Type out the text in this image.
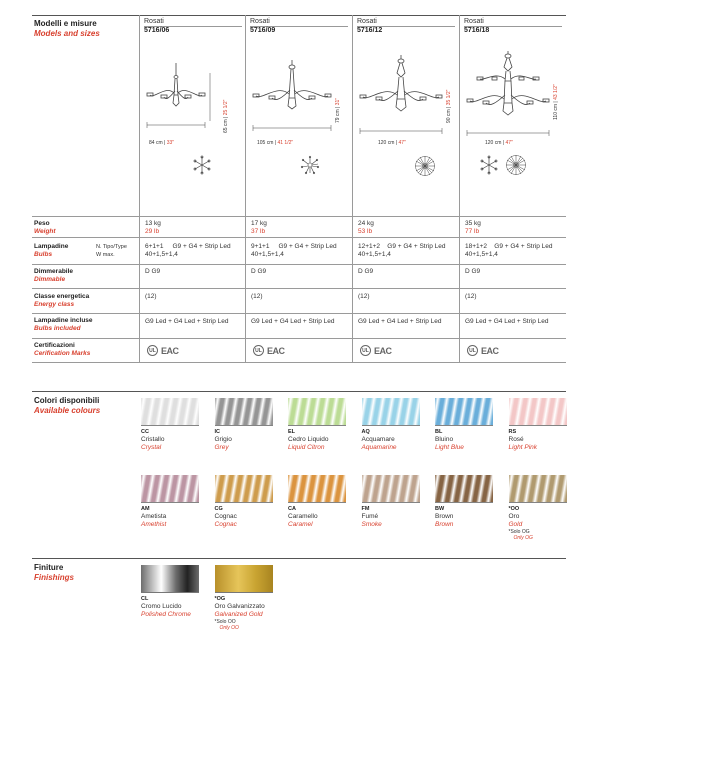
Modelli e misure
Models and sizes
Peso
Weight
Lampadine
Bulbs
N. Tipo/Type
W max.
Dimmerabile
Dimmable
Classe energetica
Energy class
Lampadine incluse
Bulbs included
Certificazioni
Cerification Marks
Rosati
5716/06
84 cm | 33"
65 cm | 25 1/2"
13 kg
29 lb
6+1+1 G9 + G4 + Strip Led
40+1,5+1,4
D G9
(12)
G9 Led + G4 Led + Strip Led
UL EAC
Rosati
5716/09
105 cm | 41 1/2"
79 cm | 31"
17 kg
37 lb
9+1+1 G9 + G4 + Strip Led
40+1,5+1,4
D G9
(12)
G9 Led + G4 Led + Strip Led
UL EAC
Rosati
5716/12
120 cm | 47"
90 cm | 35 1/2"
24 kg
53 lb
12+1+2 G9 + G4 + Strip Led
40+1,5+1,4
D G9
(12)
G9 Led + G4 Led + Strip Led
UL EAC
Rosati
5716/18
120 cm | 47"
110 cm | 43 1/2"
35 kg
77 lb
18+1+2 G9 + G4 + Strip Led
40+1,5+1,4
D G9
(12)
G9 Led + G4 Led + Strip Led
UL EAC
Colori disponibili
Available colours
CC
Cristallo
Crystal
IC
Grigio
Grey
EL
Cedro Liquido
Liquid Citron
AQ
Acquamare
Aquamarine
BL
Bluino
Light Blue
RS
Rosé
Light Pink
AM
Ametista
Amethist
CG
Cognac
Cognac
CA
Caramello
Caramel
FM
Fumé
Smoke
BW
Brown
Brown
*OO
Oro
Gold
*Solo OG
Only OG
Finiture
Finishings
CL
Cromo Lucido
Polished Chrome
*OG
Oro Galvanizzato
Galvanized Gold
*Solo OO
Only OO
